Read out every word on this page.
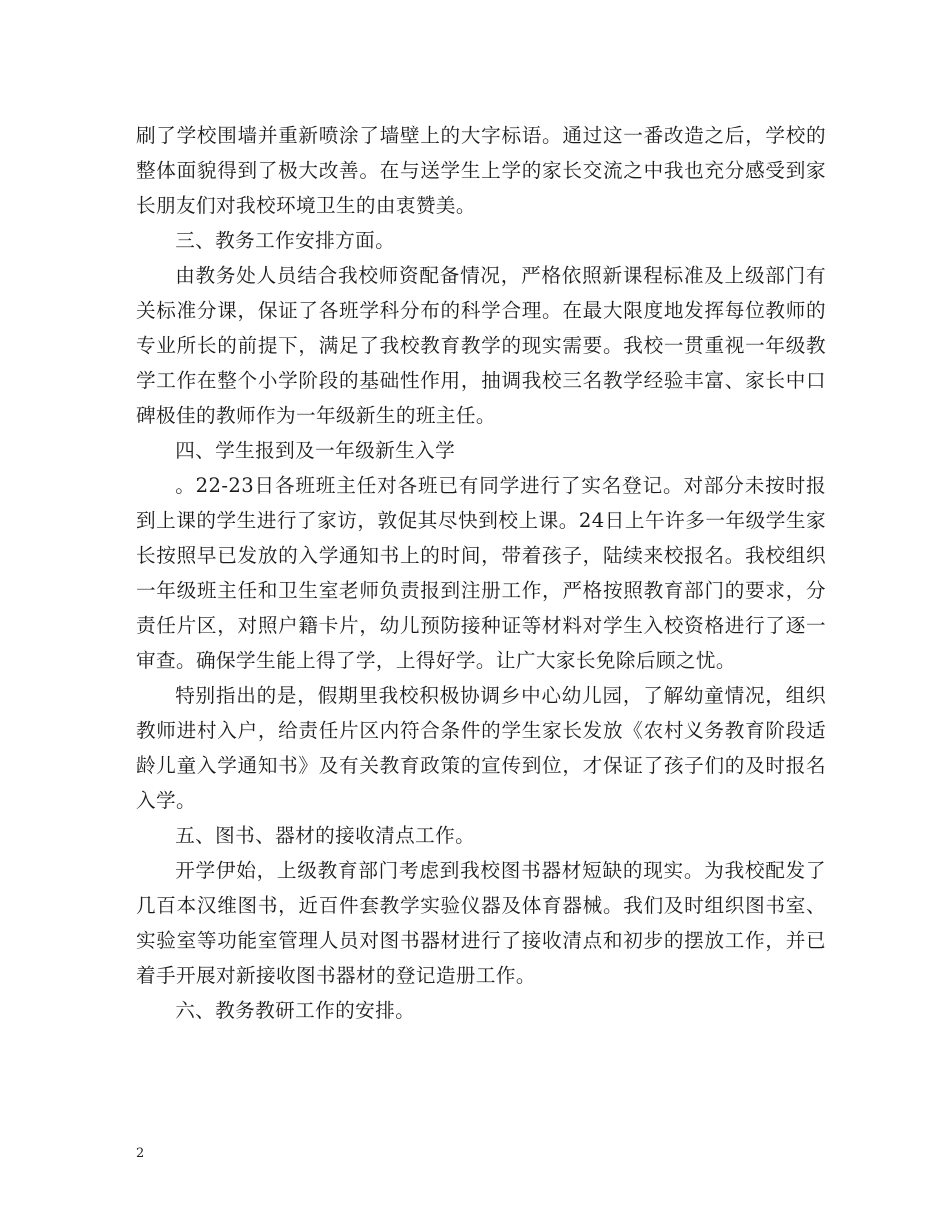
刷了学校围墙并重新喷涂了墙壁上的大字标语。通过这一番改造之后，学校的整体面貌得到了极大改善。在与送学生上学的家长交流之中我也充分感受到家长朋友们对我校环境卫生的由衷赞美。

三、教务工作安排方面。

由教务处人员结合我校师资配备情况，严格依照新课程标准及上级部门有关标准分课，保证了各班学科分布的科学合理。在最大限度地发挥每位教师的专业所长的前提下，满足了我校教育教学的现实需要。我校一贯重视一年级教学工作在整个小学阶段的基础性作用，抽调我校三名教学经验丰富、家长中口碑极佳的教师作为一年级新生的班主任。

四、学生报到及一年级新生入学

。22-23日各班班主任对各班已有同学进行了实名登记。对部分未按时报到上课的学生进行了家访，敦促其尽快到校上课。24日上午许多一年级学生家长按照早已发放的入学通知书上的时间，带着孩子，陆续来校报名。我校组织一年级班主任和卫生室老师负责报到注册工作，严格按照教育部门的要求，分责任片区，对照户籍卡片，幼儿预防接种证等材料对学生入校资格进行了逐一审查。确保学生能上得了学，上得好学。让广大家长免除后顾之忧。

特别指出的是，假期里我校积极协调乡中心幼儿园，了解幼童情况，组织教师进村入户，给责任片区内符合条件的学生家长发放《农村义务教育阶段适龄儿童入学通知书》及有关教育政策的宣传到位，才保证了孩子们的及时报名入学。

五、图书、器材的接收清点工作。

开学伊始，上级教育部门考虑到我校图书器材短缺的现实。为我校配发了几百本汉维图书，近百件套教学实验仪器及体育器械。我们及时组织图书室、实验室等功能室管理人员对图书器材进行了接收清点和初步的摆放工作，并已着手开展对新接收图书器材的登记造册工作。

六、教务教研工作的安排。

2
